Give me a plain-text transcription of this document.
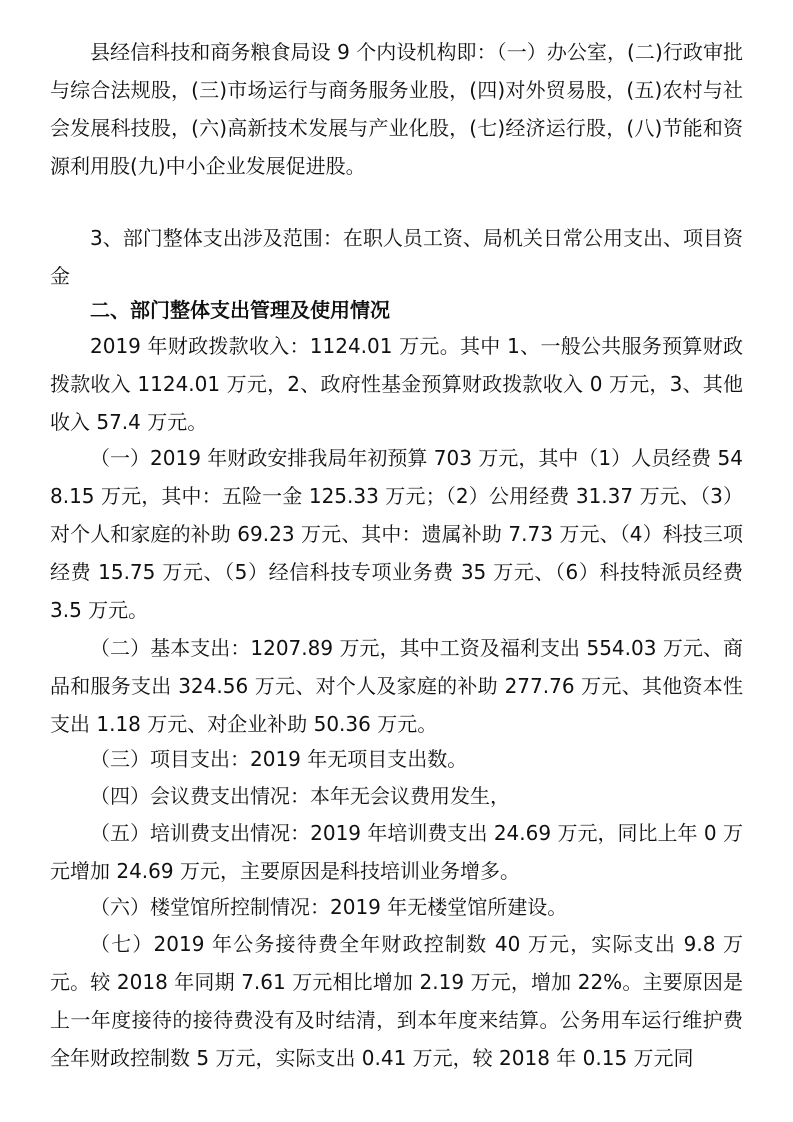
县经信科技和商务粮食局设 9 个内设机构即：（一）办公室，(二)行政审批与综合法规股，(三)市场运行与商务服务业股，(四)对外贸易股，(五)农村与社会发展科技股，(六)高新技术发展与产业化股，(七)经济运行股，(八)节能和资源利用股(九)中小企业发展促进股。

3、部门整体支出涉及范围：在职人员工资、局机关日常公用支出、项目资金

二、部门整体支出管理及使用情况

2019 年财政拨款收入：1124.01 万元。其中 1、一般公共服务预算财政拨款收入 1124.01 万元，2、政府性基金预算财政拨款收入 0 万元，3、其他收入 57.4 万元。

（一）2019 年财政安排我局年初预算 703 万元，其中（1）人员经费 548.15 万元，其中：五险一金 125.33 万元；（2）公用经费 31.37 万元、（3）对个人和家庭的补助 69.23 万元、其中：遗属补助 7.73 万元、（4）科技三项经费 15.75 万元、（5）经信科技专项业务费 35 万元、（6）科技特派员经费 3.5 万元。

（二）基本支出：1207.89 万元，其中工资及福利支出 554.03 万元、商品和服务支出 324.56 万元、对个人及家庭的补助 277.76 万元、其他资本性支出 1.18 万元、对企业补助 50.36 万元。

（三）项目支出：2019 年无项目支出数。

（四）会议费支出情况：本年无会议费用发生，

（五）培训费支出情况：2019 年培训费支出 24.69 万元，同比上年 0 万元增加 24.69 万元，主要原因是科技培训业务增多。

（六）楼堂馆所控制情况：2019 年无楼堂馆所建设。

（七）2019 年公务接待费全年财政控制数 40 万元，实际支出 9.8 万元。较 2018 年同期 7.61 万元相比增加 2.19 万元，增加 22%。主要原因是上一年度接待的接待费没有及时结清，到本年度来结算。公务用车运行维护费全年财政控制数 5 万元，实际支出 0.41 万元，较 2018 年 0.15 万元同
